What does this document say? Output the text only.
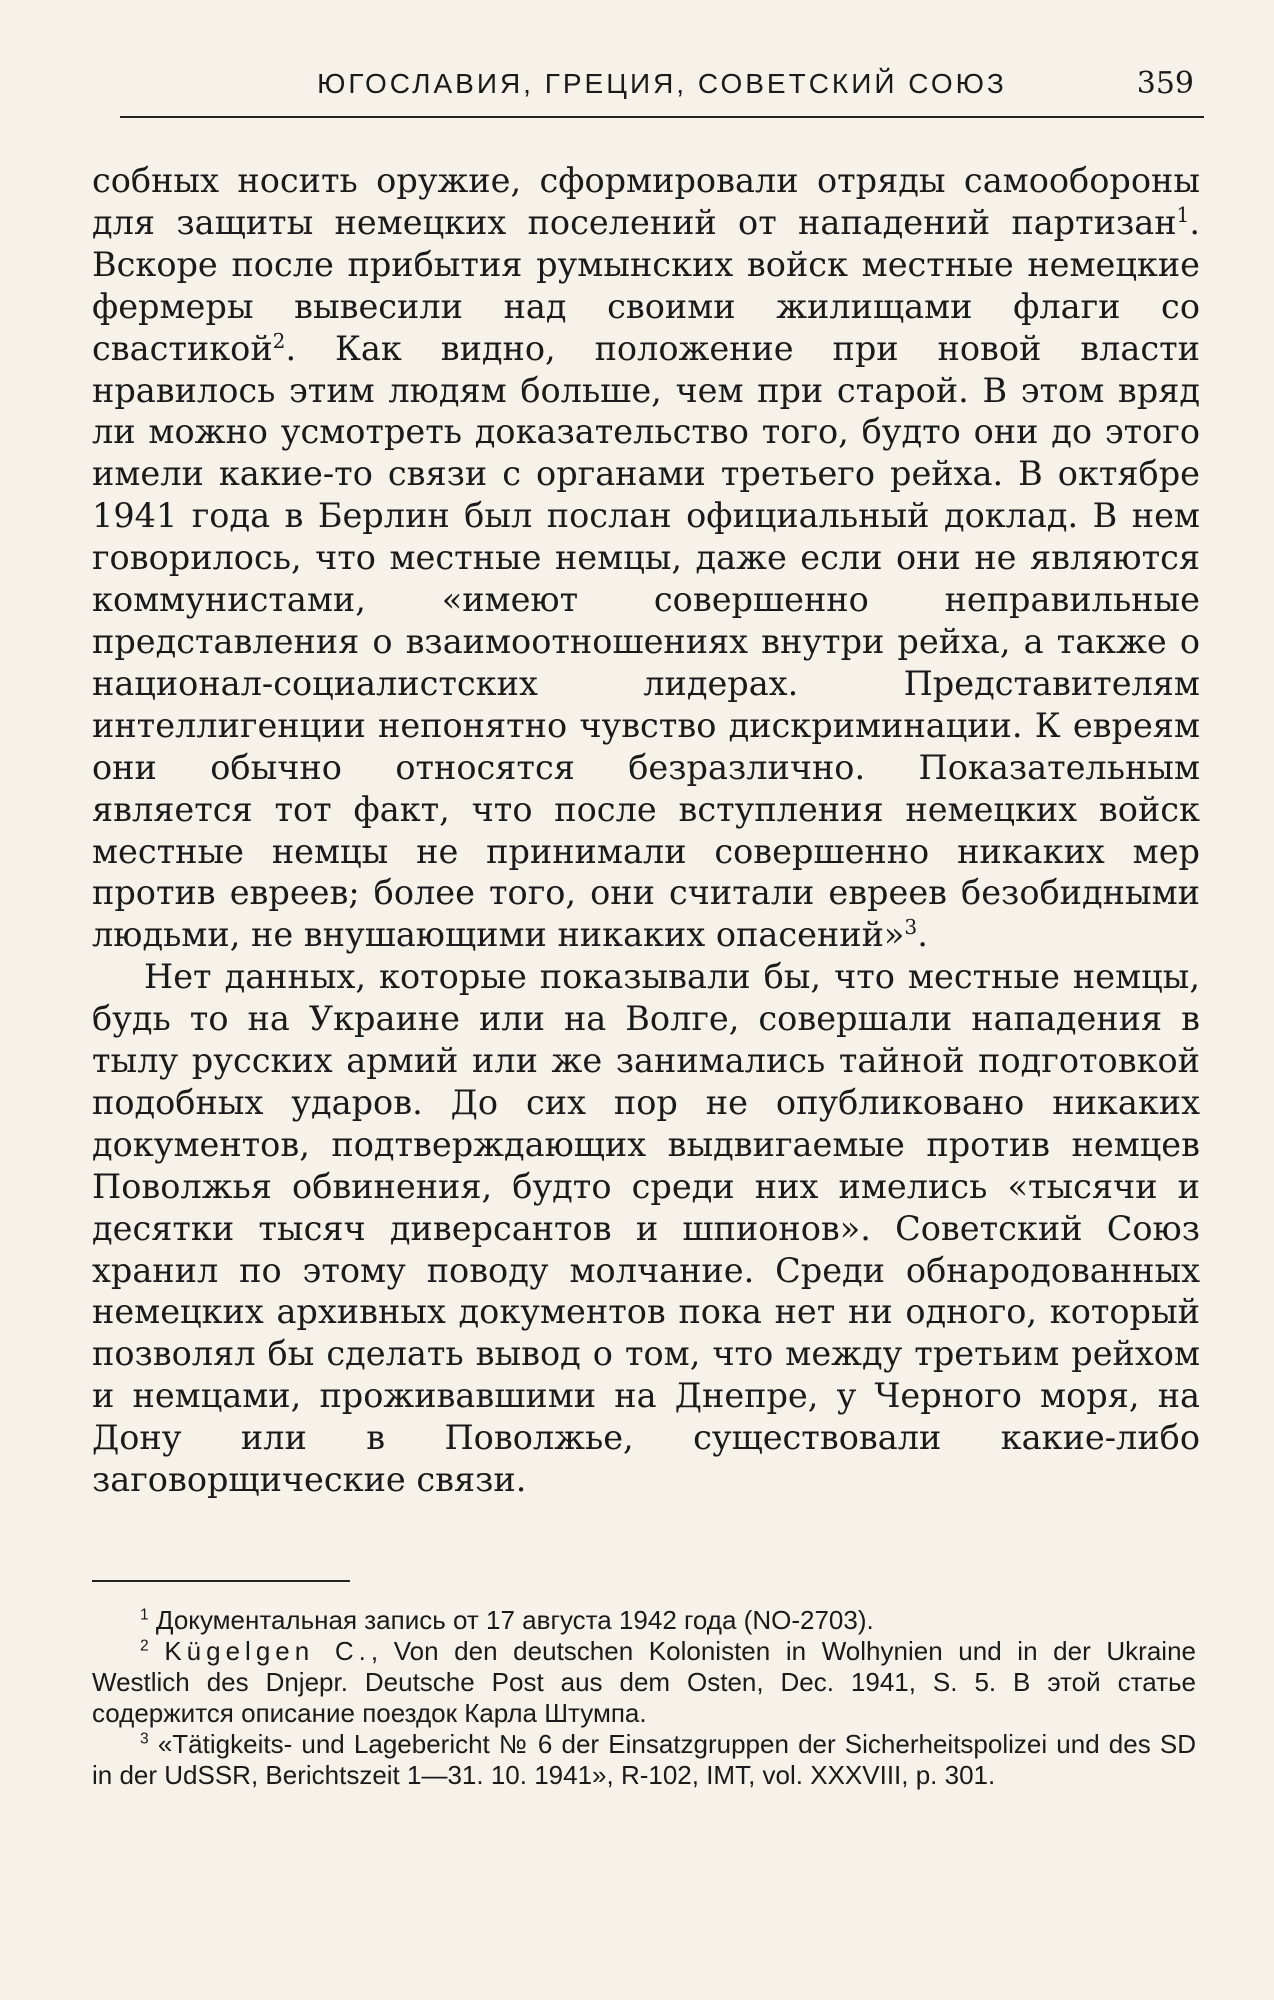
ЮГОСЛАВИЯ, ГРЕЦИЯ, СОВЕТСКИЙ СОЮЗ	359

собных носить оружие, сформировали отряды самообороны для защиты немецких поселений от нападений партизан$^1$. Вскоре после прибытия румынских войск местные немецкие фермеры вывесили над своими жилищами флаги со свастикой$^2$. Как видно, положение при новой власти нравилось этим людям больше, чем при старой. В этом вряд ли можно усмотреть доказательство того, будто они до этого имели какие-то связи с органами третьего рейха. В октябре 1941 года в Берлин был послан официальный доклад. В нем говорилось, что местные немцы, даже если они не являются коммунистами, «имеют совершенно неправильные представления о взаимоотношениях внутри рейха, а также о национал-социалистских лидерах. Представителям интеллигенции непонятно чувство дискриминации. К евреям они обычно относятся безразлично. Показательным является тот факт, что после вступления немецких войск местные немцы не принимали совершенно никаких мер против евреев; более того, они считали евреев безобидными людьми, не внушающими никаких опасений»$^3$.

Нет данных, которые показывали бы, что местные немцы, будь то на Украине или на Волге, совершали нападения в тылу русских армий или же занимались тайной подготовкой подобных ударов. До сих пор не опубликовано никаких документов, подтверждающих выдвигаемые против немцев Поволжья обвинения, будто среди них имелись «тысячи и десятки тысяч диверсантов и шпионов». Советский Союз хранил по этому поводу молчание. Среди обнародованных немецких архивных документов пока нет ни одного, который позволял бы сделать вывод о том, что между третьим рейхом и немцами, проживавшими на Днепре, у Черного моря, на Дону или в Поволжье, существовали какие-либо заговорщические связи.

$^1$ Документальная запись от 17 августа 1942 года (NO-2703).

$^2$ Kügelgen C., Von den deutschen Kolonisten in Wolhynien und in der Ukraine Westlich des Dnjepr. Deutsche Post aus dem Osten, Dec. 1941, S. 5. В этой статье содержится описание поездок Карла Штумпа.

$^3$ «Tätigkeits- und Lagebericht № 6 der Einsatzgruppen der Sicherheitspolizei und des SD in der UdSSR, Berichtszeit 1—31. 10. 1941», R-102, IMT, vol. XXXVIII, p. 301.
